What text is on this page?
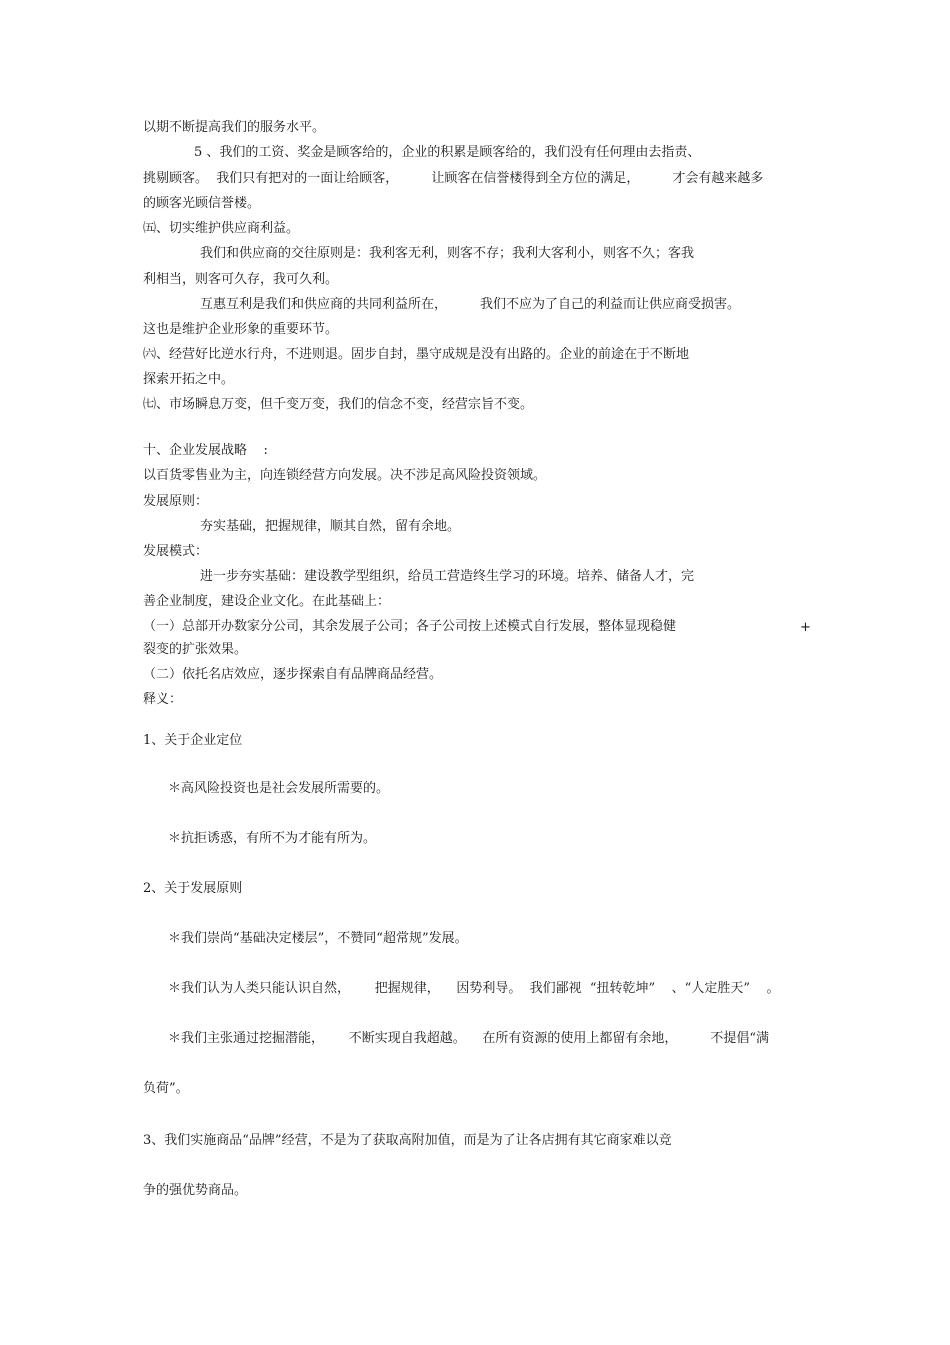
以期不断提高我们的服务水平。
5 、我们的工资、奖金是顾客给的，企业的积累是顾客给的，我们没有任何理由去指责、
挑剔顾客。  我们只有把对的一面让给顾客，        让顾客在信誉楼得到全方位的满足，        才会有越来越多
的顾客光顾信誉楼。
㈤、切实维护供应商利益。
我们和供应商的交往原则是：我利客无利，则客不存；我利大客利小，则客不久；客我
利相当，则客可久存，我可久利。
互惠互利是我们和供应商的共同利益所在，        我们不应为了自己的利益而让供应商受损害。
这也是维护企业形象的重要环节。
㈥、经营好比逆水行舟，不进则退。固步自封，墨守成规是没有出路的。企业的前途在于不断地
探索开拓之中。
㈦、市场瞬息万变，但千变万变，我们的信念不变，经营宗旨不变。
十、企业发展战略    :
以百货零售业为主，向连锁经营方向发展。决不涉足高风险投资领域。
发展原则：
夯实基础，把握规律，顺其自然，留有余地。
发展模式：
进一步夯实基础：建设教学型组织，给员工营造终生学习的环境。培养、储备人才，完
善企业制度，建设企业文化。在此基础上：
（一）总部开办数家分公司，其余发展子公司；各子公司按上述模式自行发展，整体显现稳健	+
裂变的扩张效果。
（二）依托名店效应，逐步探索自有品牌商品经营。
释义：
1、关于企业定位
＊高风险投资也是社会发展所需要的。
＊抗拒诱惑，有所不为才能有所为。
2、关于发展原则
＊我们崇尚“基础决定楼层”，不赞同“超常规”发展。
＊我们认为人类只能认识自然，      把握规律，    因势利导。  我们鄙视  “扭转乾坤”    、“人定胜天”    。
＊我们主张通过挖掘潜能，      不断实现自我超越。    在所有资源的使用上都留有余地，        不提倡“满
负荷”。
3、我们实施商品“品牌”经营，不是为了获取高附加值，而是为了让各店拥有其它商家难以竞
争的强优势商品。
